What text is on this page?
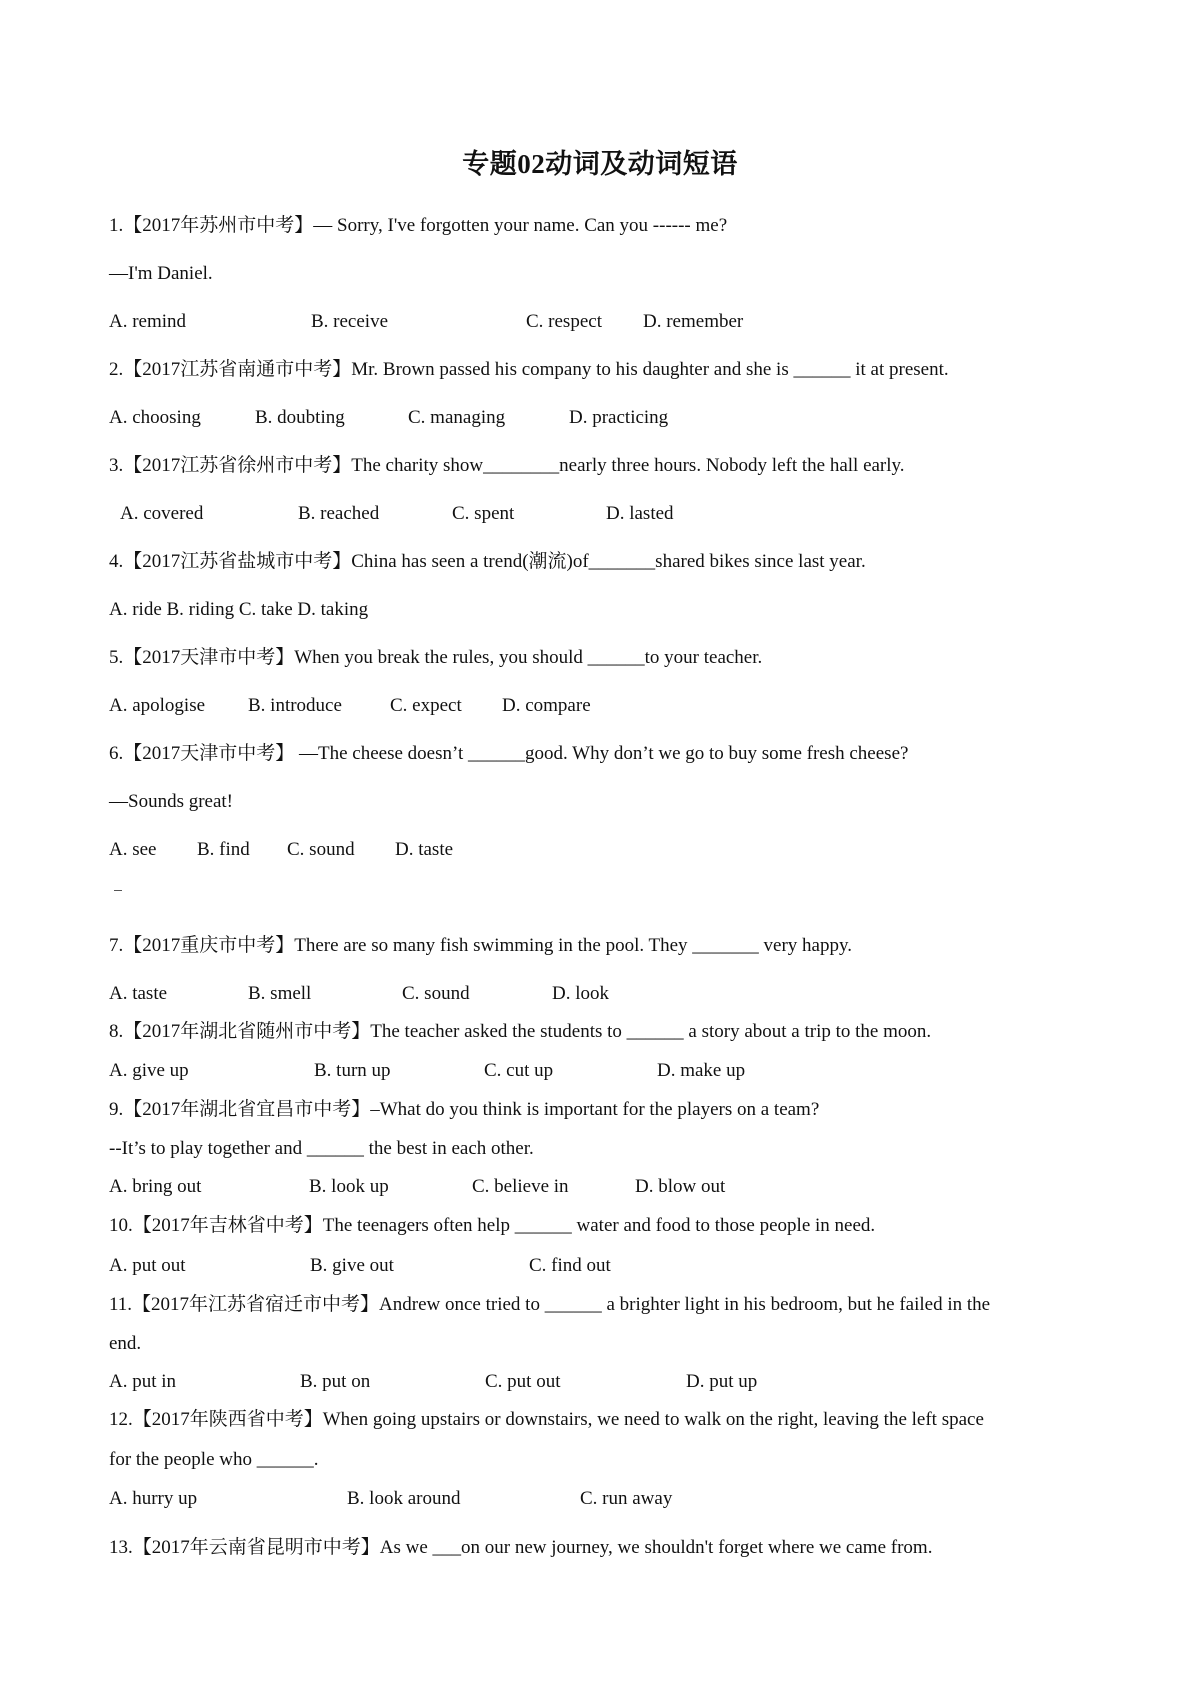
专题02动词及动词短语
1.【2017年苏州市中考】— Sorry, I've forgotten your name. Can you ------ me?
—I'm Daniel.
A. remind	B. receive	C. respect D. remember
2.【2017江苏省南通市中考】Mr. Brown passed his company to his daughter and she is ______ it at present.
A. choosing	B. doubting	C. managing	D. practicing
3.【2017江苏省徐州市中考】The charity show________nearly three hours. Nobody left the hall early.
A. covered	B. reached	C. spent	D. lasted
4.【2017江苏省盐城市中考】China has seen a trend(潮流)of_______shared bikes since last year.
A. ride B. riding C. take D. taking
5.【2017天津市中考】When you break the rules, you should ______to your teacher.
A. apologise B. introduce	C. expect D. compare
6.【2017天津市中考】 —The cheese doesn’t ______good. Why don’t we go to buy some fresh cheese?
—Sounds great!
A. see B. find C. sound D. taste
7.【2017重庆市中考】There are so many fish swimming in the pool. They _______ very happy.
A. taste	B. smell	C. sound	D. look
8.【2017年湖北省随州市中考】The teacher asked the students to ______ a story about a trip to the moon.
A. give up	B. turn up	C. cut up	D. make up
9.【2017年湖北省宜昌市中考】–What do you think is important for the players on a team?
--It’s to play together and ______ the best in each other.
A. bring out	B. look up	C. believe in	D. blow out
10.【2017年吉林省中考】The teenagers often help ______ water and food to those people in need.
A. put out	B. give out	C. find out
11.【2017年江苏省宿迁市中考】Andrew once tried to ______ a brighter light in his bedroom, but he failed in the
end.
A. put in	B. put on	C. put out	D. put up
12.【2017年陕西省中考】When going upstairs or downstairs, we need to walk on the right, leaving the left space
for the people who ______.
A. hurry up	B. look around	C. run away
13.【2017年云南省昆明市中考】As we ___on our new journey, we shouldn't forget where we came from.
